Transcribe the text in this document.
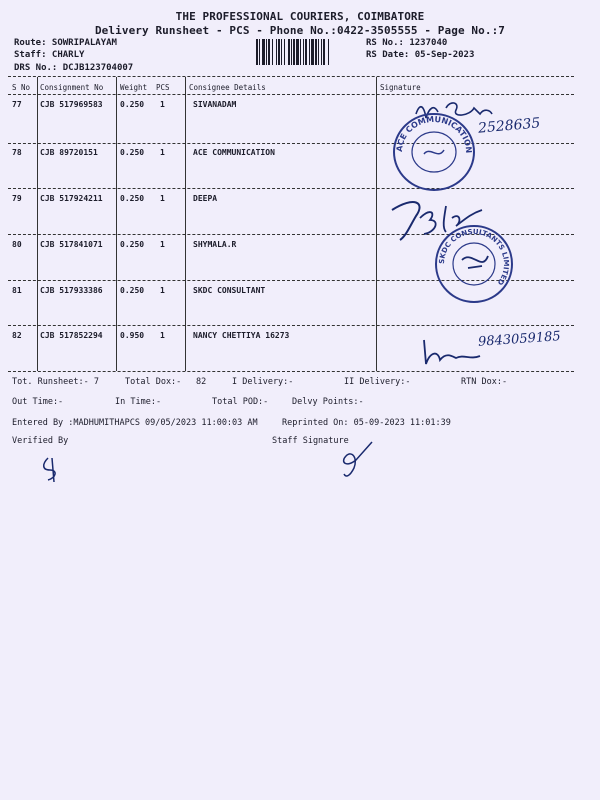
THE PROFESSIONAL COURIERS, COIMBATORE
Delivery Runsheet - PCS - Phone No.:0422-3505555 - Page No.:7
Route: SOWRIPALAYAM
Staff: CHARLY
DRS No.: DCJB123704007
RS No.: 1237040
RS Date: 05-Sep-2023
S No Consignment No Weight PCS	Consignee Details	Signature
77 CJB 517969583 0.250 1	SIVANADAM
78 CJB 89720151	0.250 1	ACE COMMUNICATION
79 CJB 517924211 0.250 1	DEEPA
80 CJB 517841071 0.250 1	SHYMALA.R
81 CJB 517933386 0.250 1	SKDC CONSULTANT
82 CJB 517852294 0.950 1	NANCY CHETTIYA 16273
2528635
ACE COMMUNICATION
SKDC CONSULTANTS LIMITED
9843059185
Tot. Runsheet:- 7	Total Dox:- 82	I Delivery:-	II Delivery:-	RTN Dox:-
Out Time:-	In Time:-	Total POD:-	Delvy Points:-
Entered By :MADHUMITHAPCS 09/05/2023 11:00:03 AM	Reprinted On: 05-09-2023 11:01:39
Verified By	Staff Signature
